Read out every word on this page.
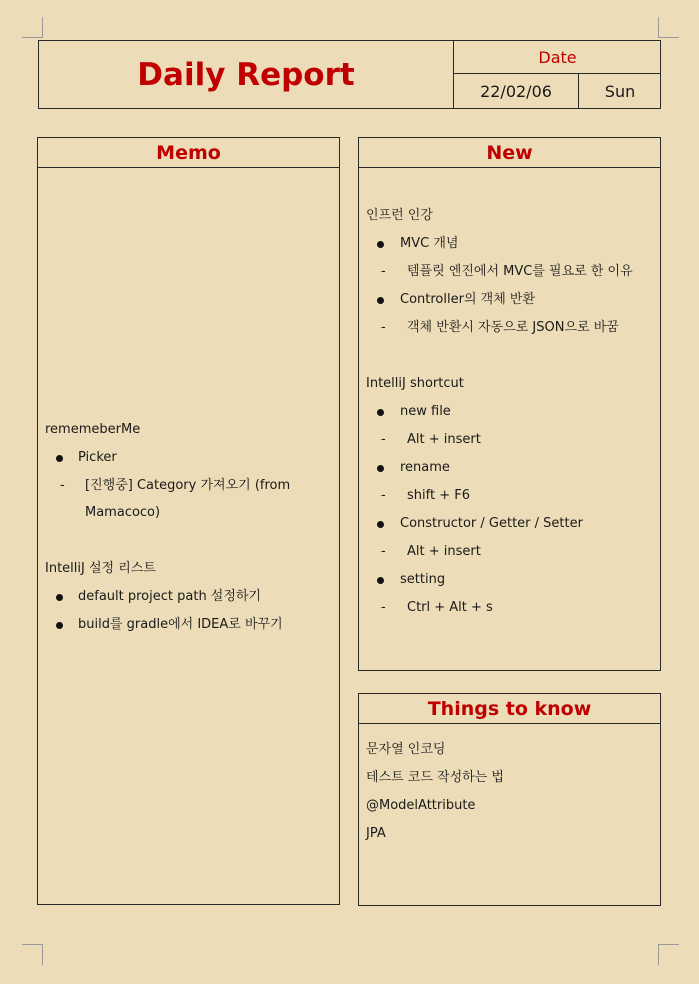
Daily Report	Date
22/02/06	Sun
Memo
rememeberMe
Picker
- [진행중] Category 가져오기 (from
Mamacoco)
IntelliJ 설정 리스트
default project path 설정하기
build를 gradle에서 IDEA로 바꾸기
New
인프런 인강
MVC 개념
- 템플릿 엔진에서 MVC를 필요로 한 이유
Controller의 객체 반환
- 객체 반환시 자동으로 JSON으로 바꿈
IntelliJ shortcut
new file
- Alt + insert
rename
- shift + F6
Constructor / Getter / Setter
- Alt + insert
setting
- Ctrl + Alt + s
Things to know
문자열 인코딩
테스트 코드 작성하는 법
@ModelAttribute
JPA
